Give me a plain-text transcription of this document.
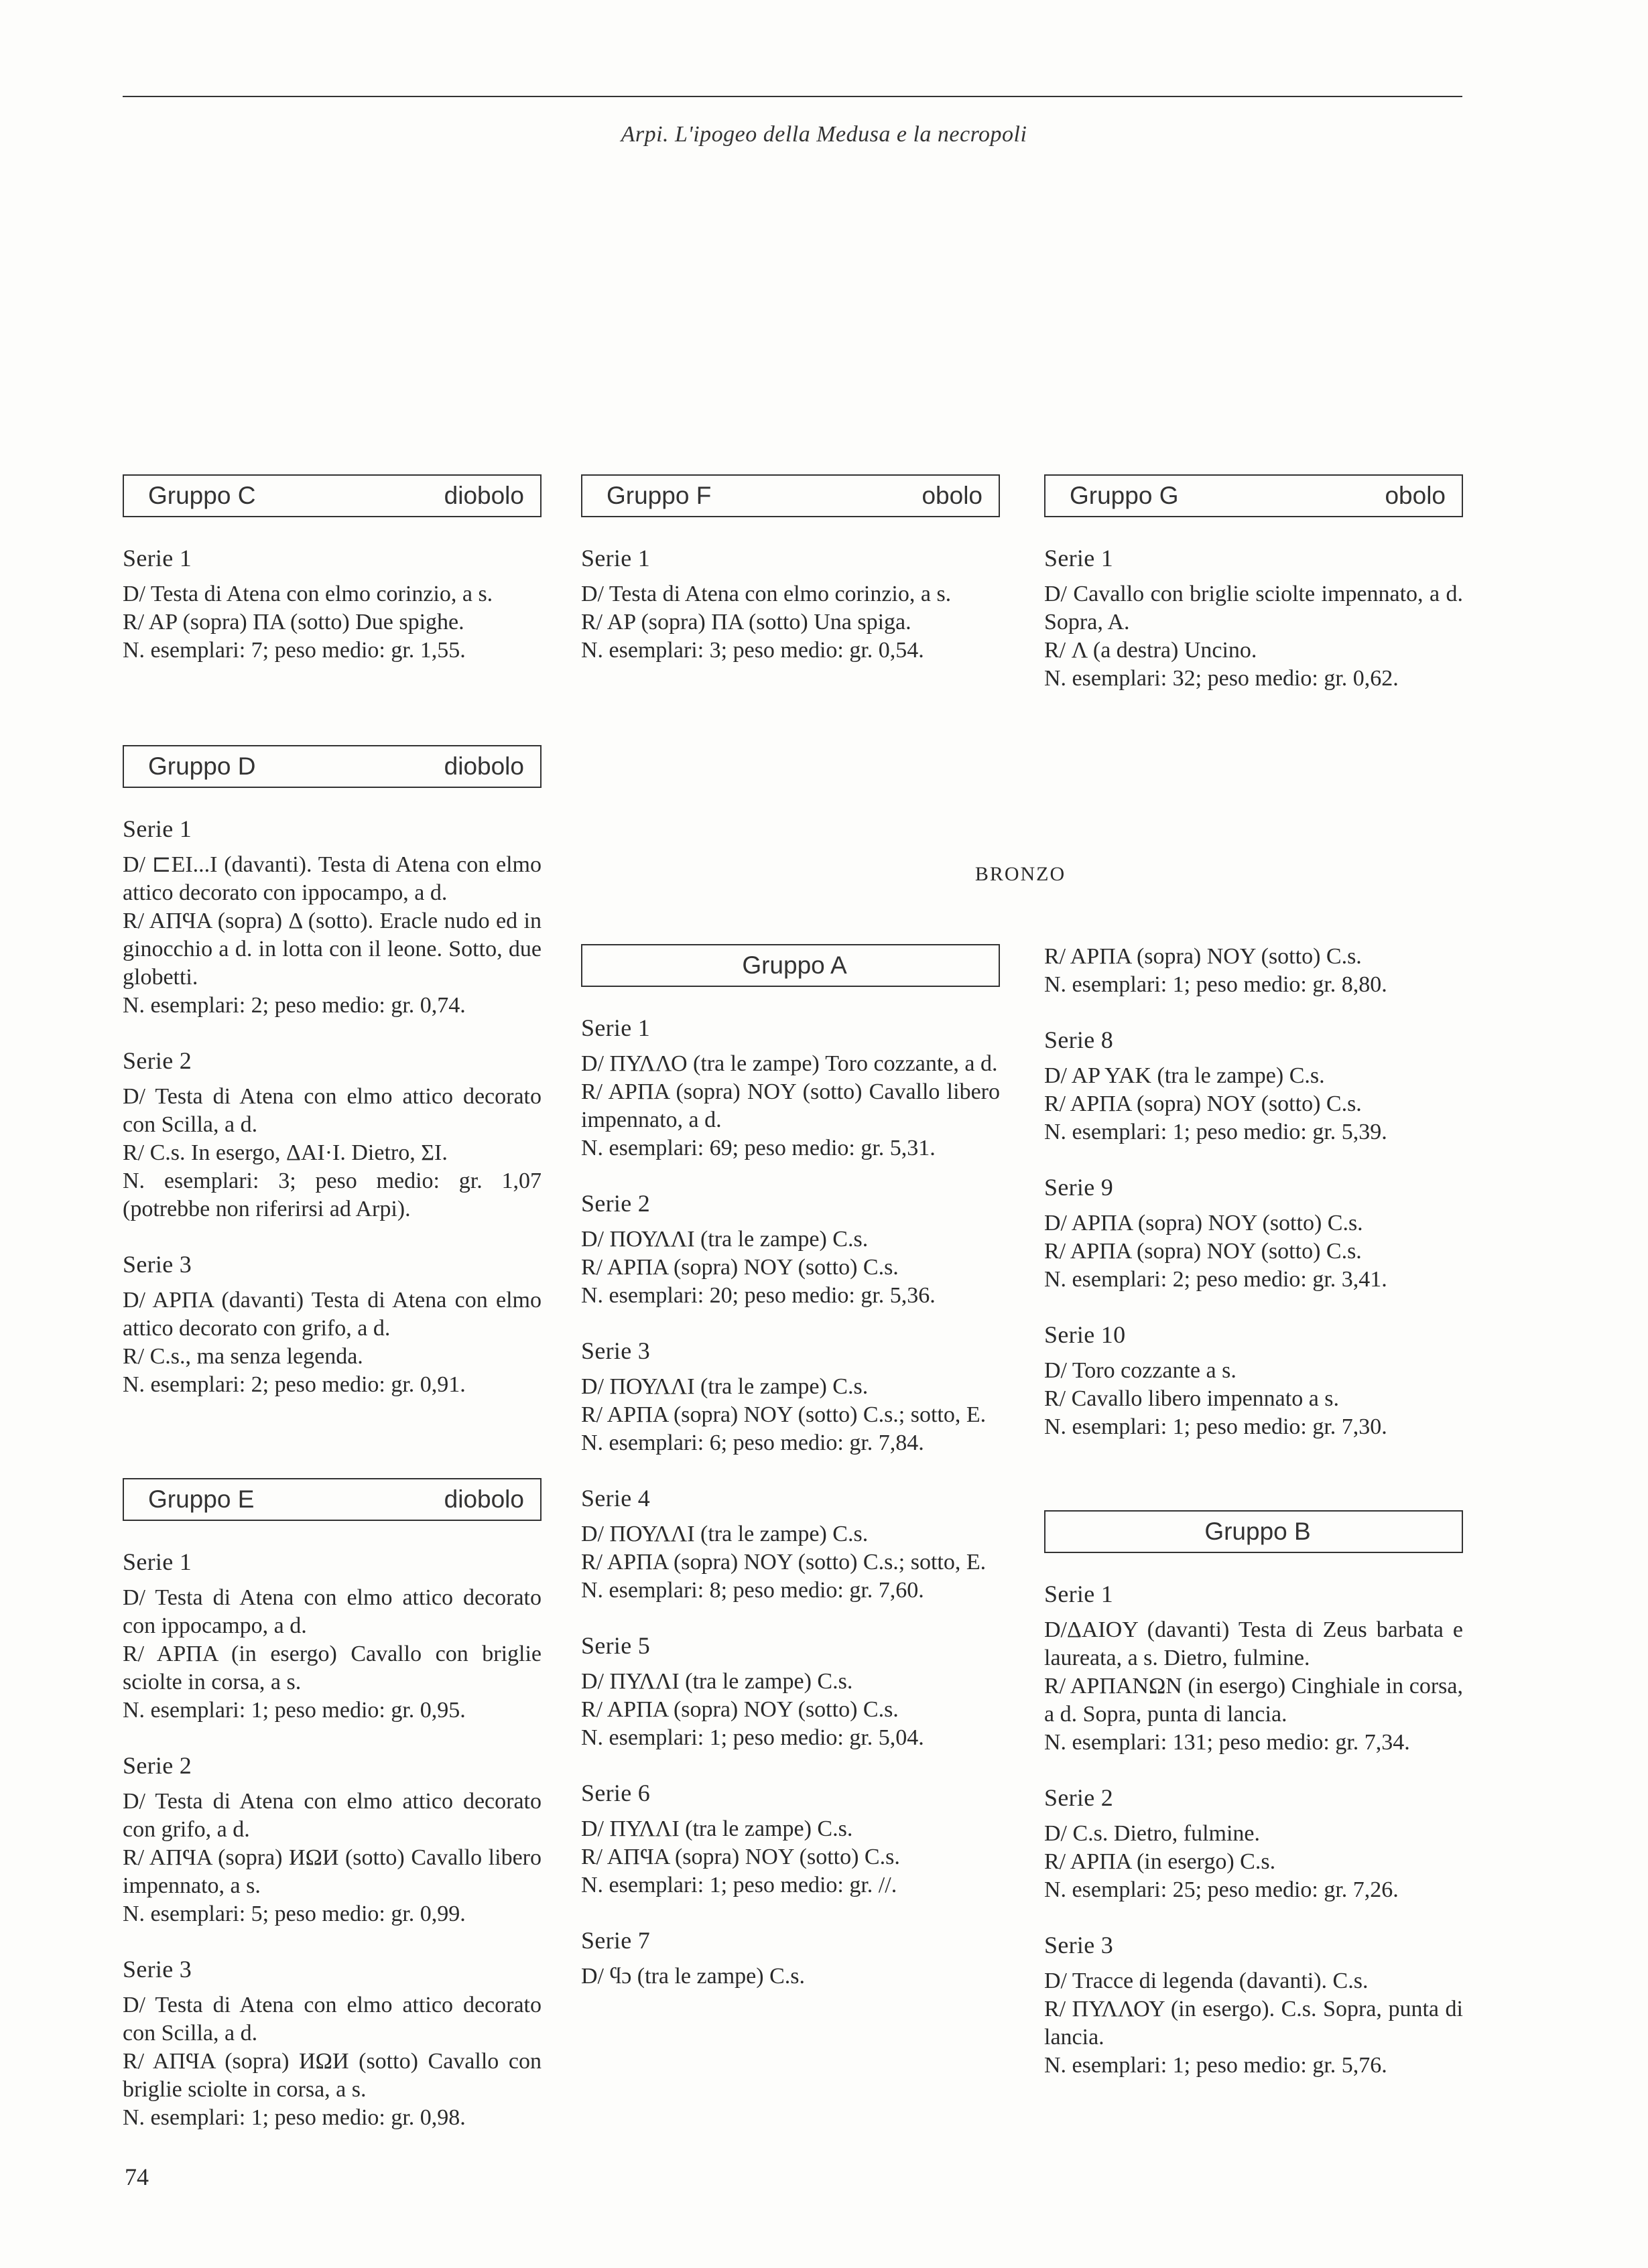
Arpi. L'ipogeo della Medusa e la necropoli
Gruppo C	diobolo
Serie 1

D/ Testa di Atena con elmo corinzio, a s.

R/ AP (sopra) ΠA (sotto) Due spighe.

N. esemplari: 7; peso medio: gr. 1,55.

Gruppo D	diobolo
Serie 1

D/ ⊏EI...I (davanti). Testa di Atena con elmo attico decorato con ippocampo, a d.

R/ AΠϤA (sopra) Δ (sotto). Eracle nudo ed in ginocchio a d. in lotta con il leone. Sotto, due globetti.

N. esemplari: 2; peso medio: gr. 0,74.

Serie 2

D/ Testa di Atena con elmo attico decorato con Scilla, a d.

R/ C.s. In esergo, ΔAI·I. Dietro, ΣI.

N. esemplari: 3; peso medio: gr. 1,07 (potrebbe non riferirsi ad Arpi).

Serie 3

D/ APΠA (davanti) Testa di Atena con elmo attico decorato con grifo, a d.

R/ C.s., ma senza legenda.

N. esemplari: 2; peso medio: gr. 0,91.

Gruppo E	diobolo
Serie 1

D/ Testa di Atena con elmo attico decorato con ippocampo, a d.

R/ APΠA (in esergo) Cavallo con briglie sciolte in corsa, a s.

N. esemplari: 1; peso medio: gr. 0,95.

Serie 2

D/ Testa di Atena con elmo attico decorato con grifo, a d.

R/ AΠϤA (sopra) ИΩИ (sotto) Cavallo libero impennato, a s.

N. esemplari: 5; peso medio: gr. 0,99.

Serie 3

D/ Testa di Atena con elmo attico decorato con Scilla, a d.

R/ AΠϤA (sopra) ИΩИ (sotto) Cavallo con briglie sciolte in corsa, a s.

N. esemplari: 1; peso medio: gr. 0,98.

Gruppo F	obolo
Serie 1

D/ Testa di Atena con elmo corinzio, a s.

R/ AP (sopra) ΠA (sotto) Una spiga.

N. esemplari: 3; peso medio: gr. 0,54.

BRONZO
Gruppo A
Serie 1

D/ ΠΥΛΛΟ (tra le zampe) Toro cozzante, a d.

R/ APΠA (sopra) NOY (sotto) Cavallo libero impennato, a d.

N. esemplari: 69; peso medio: gr. 5,31.

Serie 2

D/ ΠΟΥΛΛΙ (tra le zampe) C.s.

R/ APΠA (sopra) NOY (sotto) C.s.

N. esemplari: 20; peso medio: gr. 5,36.

Serie 3

D/ ΠΟΥΛΛΙ (tra le zampe) C.s.

R/ APΠA (sopra) NOY (sotto) C.s.; sotto, E.

N. esemplari: 6; peso medio: gr. 7,84.

Serie 4

D/ ΠΟΥΛΛΙ (tra le zampe) C.s.

R/ APΠA (sopra) NOY (sotto) C.s.; sotto, E.

N. esemplari: 8; peso medio: gr. 7,60.

Serie 5

D/ ΠΥΛΛΙ (tra le zampe) C.s.

R/ APΠA (sopra) NOY (sotto) C.s.

N. esemplari: 1; peso medio: gr. 5,04.

Serie 6

D/ ΠΥΛΛΙ (tra le zampe) C.s.

R/ AΠϤA (sopra) NOY (sotto) C.s.

N. esemplari: 1; peso medio: gr. //.

Serie 7

D/ ϥɔ (tra le zampe) C.s.

Gruppo G	obolo
Serie 1

D/ Cavallo con briglie sciolte impennato, a d. Sopra, A.

R/ Λ (a destra) Uncino.

N. esemplari: 32; peso medio: gr. 0,62.

R/ APΠA (sopra) NOY (sotto) C.s.

N. esemplari: 1; peso medio: gr. 8,80.

Serie 8

D/ AP YAK (tra le zampe) C.s.

R/ APΠA (sopra) NOY (sotto) C.s.

N. esemplari: 1; peso medio: gr. 5,39.

Serie 9

D/ APΠA (sopra) NOY (sotto) C.s.

R/ APΠA (sopra) NOY (sotto) C.s.

N. esemplari: 2; peso medio: gr. 3,41.

Serie 10

D/ Toro cozzante a s.

R/ Cavallo libero impennato a s.

N. esemplari: 1; peso medio: gr. 7,30.

Gruppo B
Serie 1

D/ΔAIOY (davanti) Testa di Zeus barbata e laureata, a s. Dietro, fulmine.

R/ APΠANΩN (in esergo) Cinghiale in corsa, a d. Sopra, punta di lancia.

N. esemplari: 131; peso medio: gr. 7,34.

Serie 2

D/ C.s. Dietro, fulmine.

R/ APΠA (in esergo) C.s.

N. esemplari: 25; peso medio: gr. 7,26.

Serie 3

D/ Tracce di legenda (davanti). C.s.

R/ ΠΥΛΛΟΥ (in esergo). C.s. Sopra, punta di lancia.

N. esemplari: 1; peso medio: gr. 5,76.

74
